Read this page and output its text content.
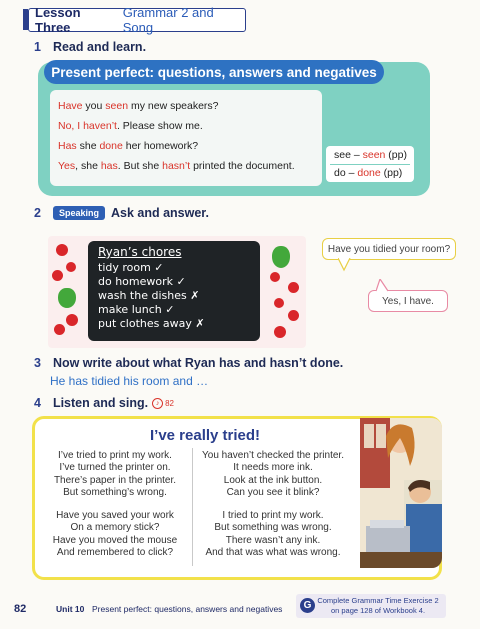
Lesson Three
Grammar 2 and Song
1 Read and learn.
Present perfect: questions, answers and negatives
Have you seen my new speakers?
No, I haven’t. Please show me.
Has she done her homework?
Yes, she has. But she hasn’t printed the document.
see – seen (pp)
do – done (pp)
2	Speaking Ask and answer.
Ryan’s chores
tidy room ✓
do homework ✓
wash the dishes ✗
make lunch ✓
put clothes away ✗
Have you tidied your room?
Yes, I have.
3 Now write about what Ryan has and hasn’t done.
He has tidied his room and …
4 Listen and sing.	♪ 82
I’ve really tried!
I’ve tried to print my work.
I’ve turned the printer on.
There’s paper in the printer.
But something’s wrong.
Have you saved your work
On a memory stick?
Have you moved the mouse
And remembered to click?
You haven’t checked the printer.
It needs more ink.
Look at the ink button.
Can you see it blink?
I tried to print my work.
But something was wrong.
There wasn’t any ink.
And that was what was wrong.
82	Unit 10 Present perfect: questions, answers and negatives	G Complete Grammar Time Exercise 2
on page 128 of Workbook 4.
